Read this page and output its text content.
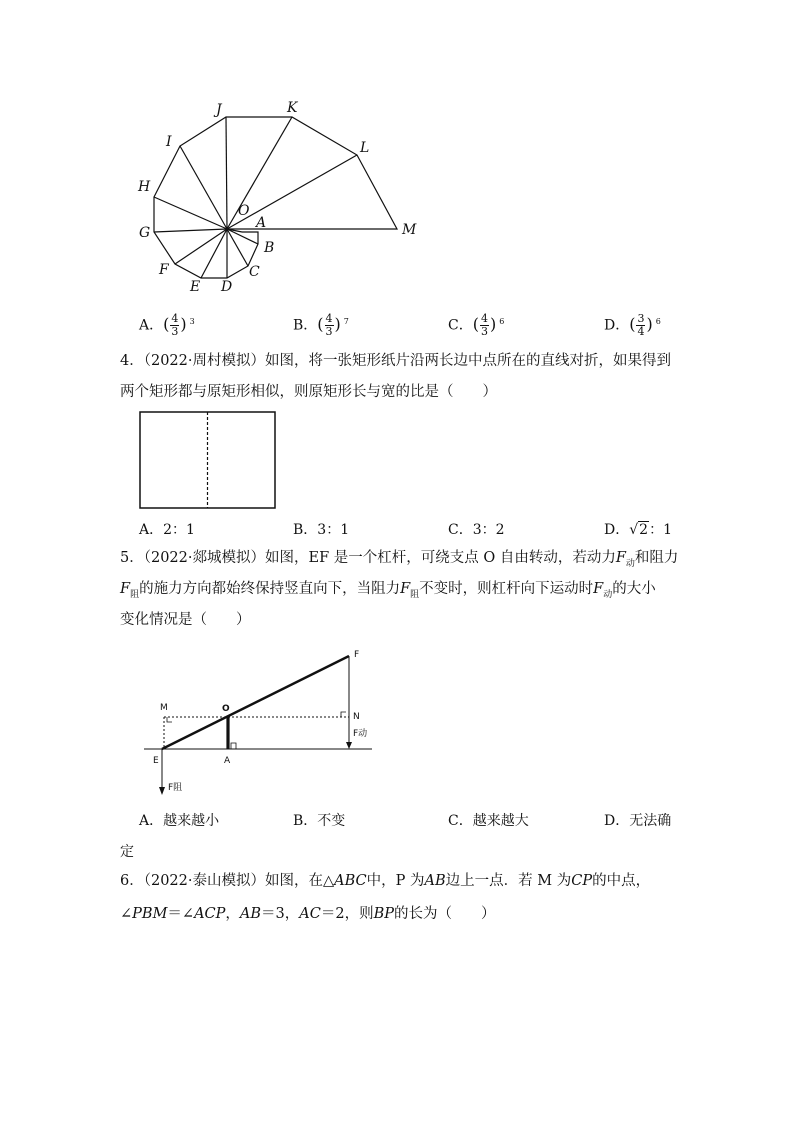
J	K
I	L
H
O
A
G	M
B
F	C
E D
A．( $\frac{4}{3}$ ) $^3$	B．( $\frac{4}{3}$ ) $^7$	C．( $\frac{4}{3}$ ) $^6$	D．( $\frac{3}{4}$ ) $^6$
4．（2022·周村模拟）如图，将一张矩形纸片沿两长边中点所在的直线对折，如果得到
两个矩形都与原矩形相似，则原矩形长与宽的比是（　　）
A．2：1	B．3：1	C．3：2	D．√2：1
5．（2022·郯城模拟）如图，EF 是一个杠杆，可绕支点 O 自由转动，若动力$F_动$和阻力
$F_阻$的施力方向都始终保持竖直向下，当阻力$F_阻$不变时，则杠杆向下运动时$F_动$的大小
变化情况是（　　）
F
M	O
N
F动
E	A
F阻
A．越来越小	B．不变	C．越来越大	D．无法确
定
6．（2022·泰山模拟）如图，在△ABC中，P 为AB边上一点．若 M 为CP的中点，
∠PBM＝∠ACP，AB＝3，AC＝2，则BP的长为（　　）
